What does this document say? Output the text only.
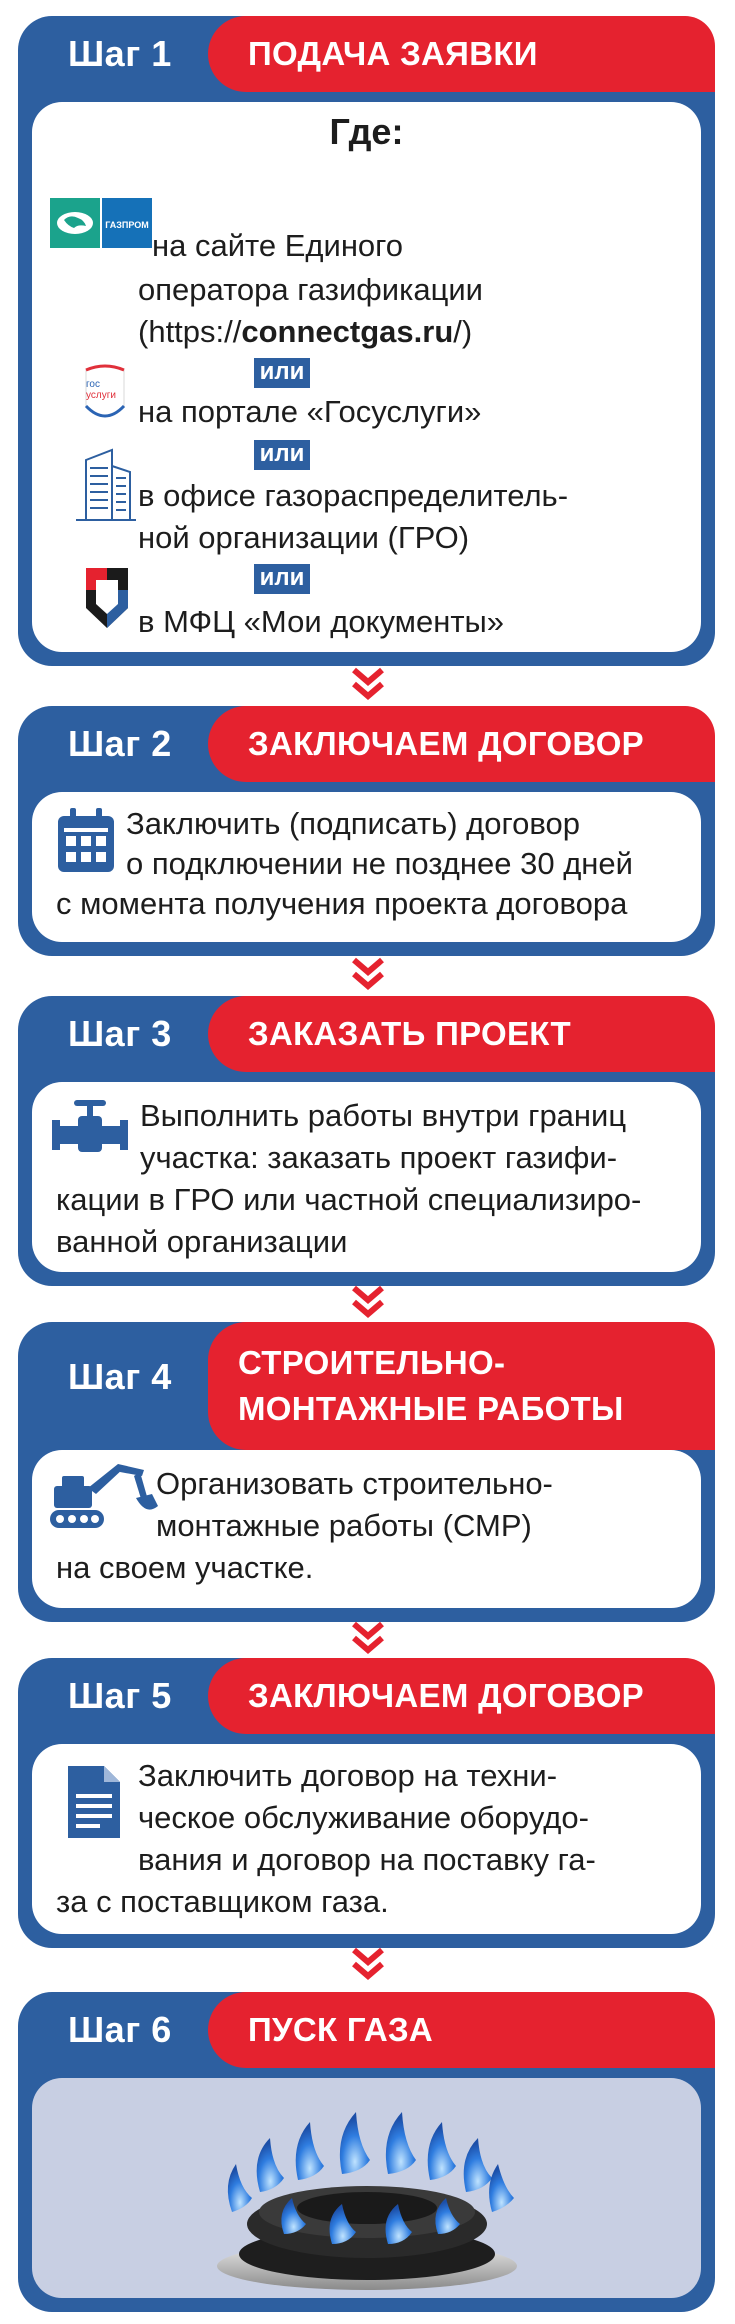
Шаг 1	ПОДАЧА ЗАЯВКИ
Где:
ГАЗПРОМ
на сайте Единого
оператора газификации
(https://connectgas.ru/)
или
гос
услуги на портале «Госуслуги»
или
в офисе газораспределитель-
ной организации (ГРО)
или
в МФЦ «Мои документы»
Шаг 2	ЗАКЛЮЧАЕМ ДОГОВОР
Заключить (подписать) договор
о подключении не позднее 30 дней
с момента получения проекта договора
Шаг 3	ЗАКАЗАТЬ ПРОЕКТ
Выполнить работы внутри границ
участка: заказать проект газифи-
кации в ГРО или частной специализиро-
ванной организации
Шаг 4 СТРОИТЕЛЬНО-
МОНТАЖНЫЕ РАБОТЫ
Организовать строительно-
монтажные работы (СМР)
на своем участке.
Шаг 5	ЗАКЛЮЧАЕМ ДОГОВОР
Заключить договор на техни-
ческое обслуживание оборудо-
вания и договор на поставку га-
за с поставщиком газа.
Шаг 6	ПУСК ГАЗА
